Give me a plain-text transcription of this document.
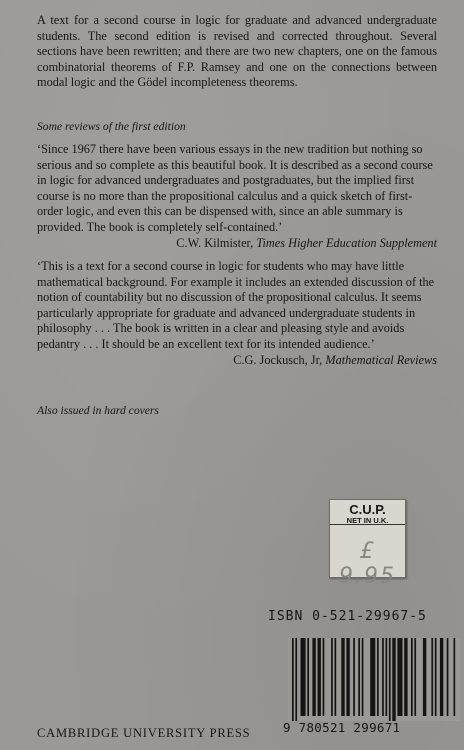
A text for a second course in logic for graduate and advanced undergraduate students. The second edition is revised and corrected throughout. Several sections have been rewritten; and there are two new chapters, one on the famous combinatorial theorems of F.P. Ramsey and one on the connections between modal logic and the Gödel incompleteness theorems.

Some reviews of the first edition

‘Since 1967 there have been various essays in the new tradition but nothing so serious and so complete as this beautiful book. It is described as a second course in logic for advanced undergraduates and postgraduates, but the implied first course is no more than the propositional calculus and a quick sketch of first-order logic, and even this can be dispensed with, since an able summary is provided. The book is completely self-contained.’
C.W. Kilmister, Times Higher Education Supplement
‘This is a text for a second course in logic for students who may have little mathematical background. For example it includes an extended discussion of the notion of countability but no discussion of the propositional calculus. It seems particularly appropriate for graduate and advanced undergraduate students in philosophy . . . The book is written in a clear and pleasing style and avoids pedantry . . . It should be an excellent text for its intended audience.’
C.G. Jockusch, Jr, Mathematical Reviews

Also issued in hard covers

C.U.P.
NET IN U.K.
£ 9.95
ISBN 0-521-29967-5
9 780521 299671
CAMBRIDGE UNIVERSITY PRESS
